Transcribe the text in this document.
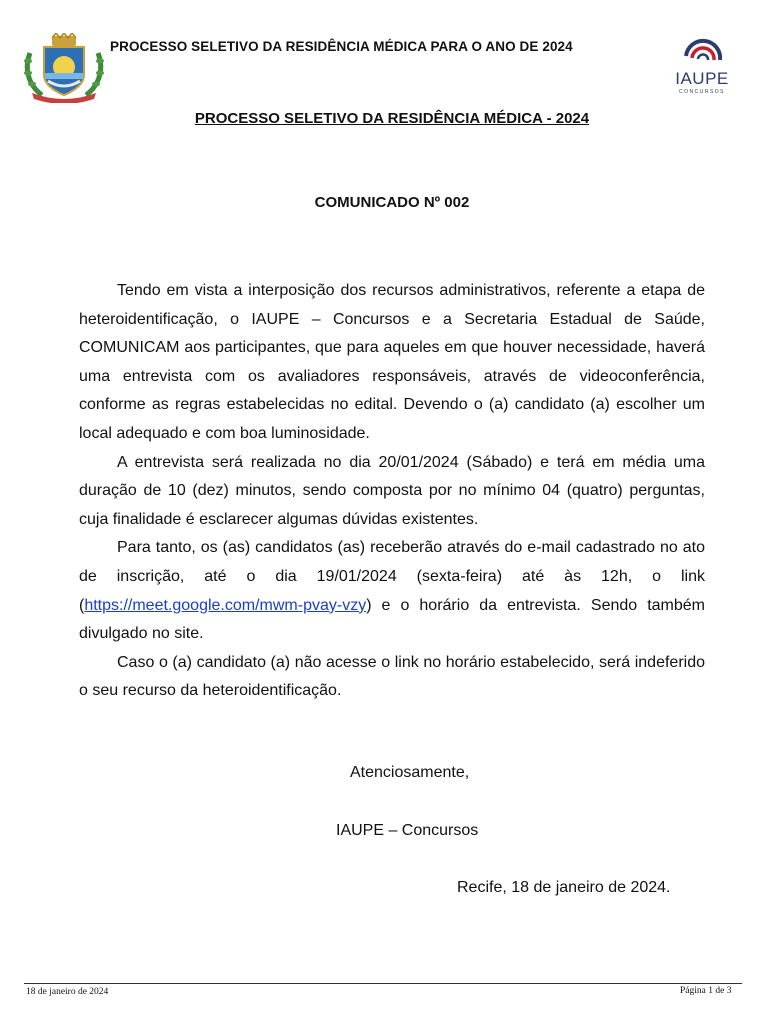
PROCESSO SELETIVO DA RESIDÊNCIA MÉDICA PARA O ANO DE 2024
IAUPE
CONCURSOS
PROCESSO SELETIVO DA RESIDÊNCIA MÉDICA - 2024
COMUNICADO Nº 002

Tendo em vista a interposição dos recursos administrativos, referente a etapa de heteroidentificação, o IAUPE – Concursos e a Secretaria Estadual de Saúde, COMUNICAM aos participantes, que para aqueles em que houver necessidade, haverá uma entrevista com os avaliadores responsáveis, através de videoconferência, conforme as regras estabelecidas no edital. Devendo o (a) candidato (a) escolher um local adequado e com boa luminosidade.

A entrevista será realizada no dia 20/01/2024 (Sábado) e terá em média uma duração de 10 (dez) minutos, sendo composta por no mínimo 04 (quatro) perguntas, cuja finalidade é esclarecer algumas dúvidas existentes.

Para tanto, os (as) candidatos (as) receberão através do e-mail cadastrado no ato de inscrição, até o dia 19/01/2024 (sexta-feira) até às 12h, o link (https://meet.google.com/mwm-pvay-vzy) e o horário da entrevista. Sendo também divulgado no site.

Caso o (a) candidato (a) não acesse o link no horário estabelecido, será indeferido o seu recurso da heteroidentificação.

Atenciosamente,
IAUPE – Concursos
Recife, 18 de janeiro de 2024.
18 de janeiro de 2024	Página 1 de 3
